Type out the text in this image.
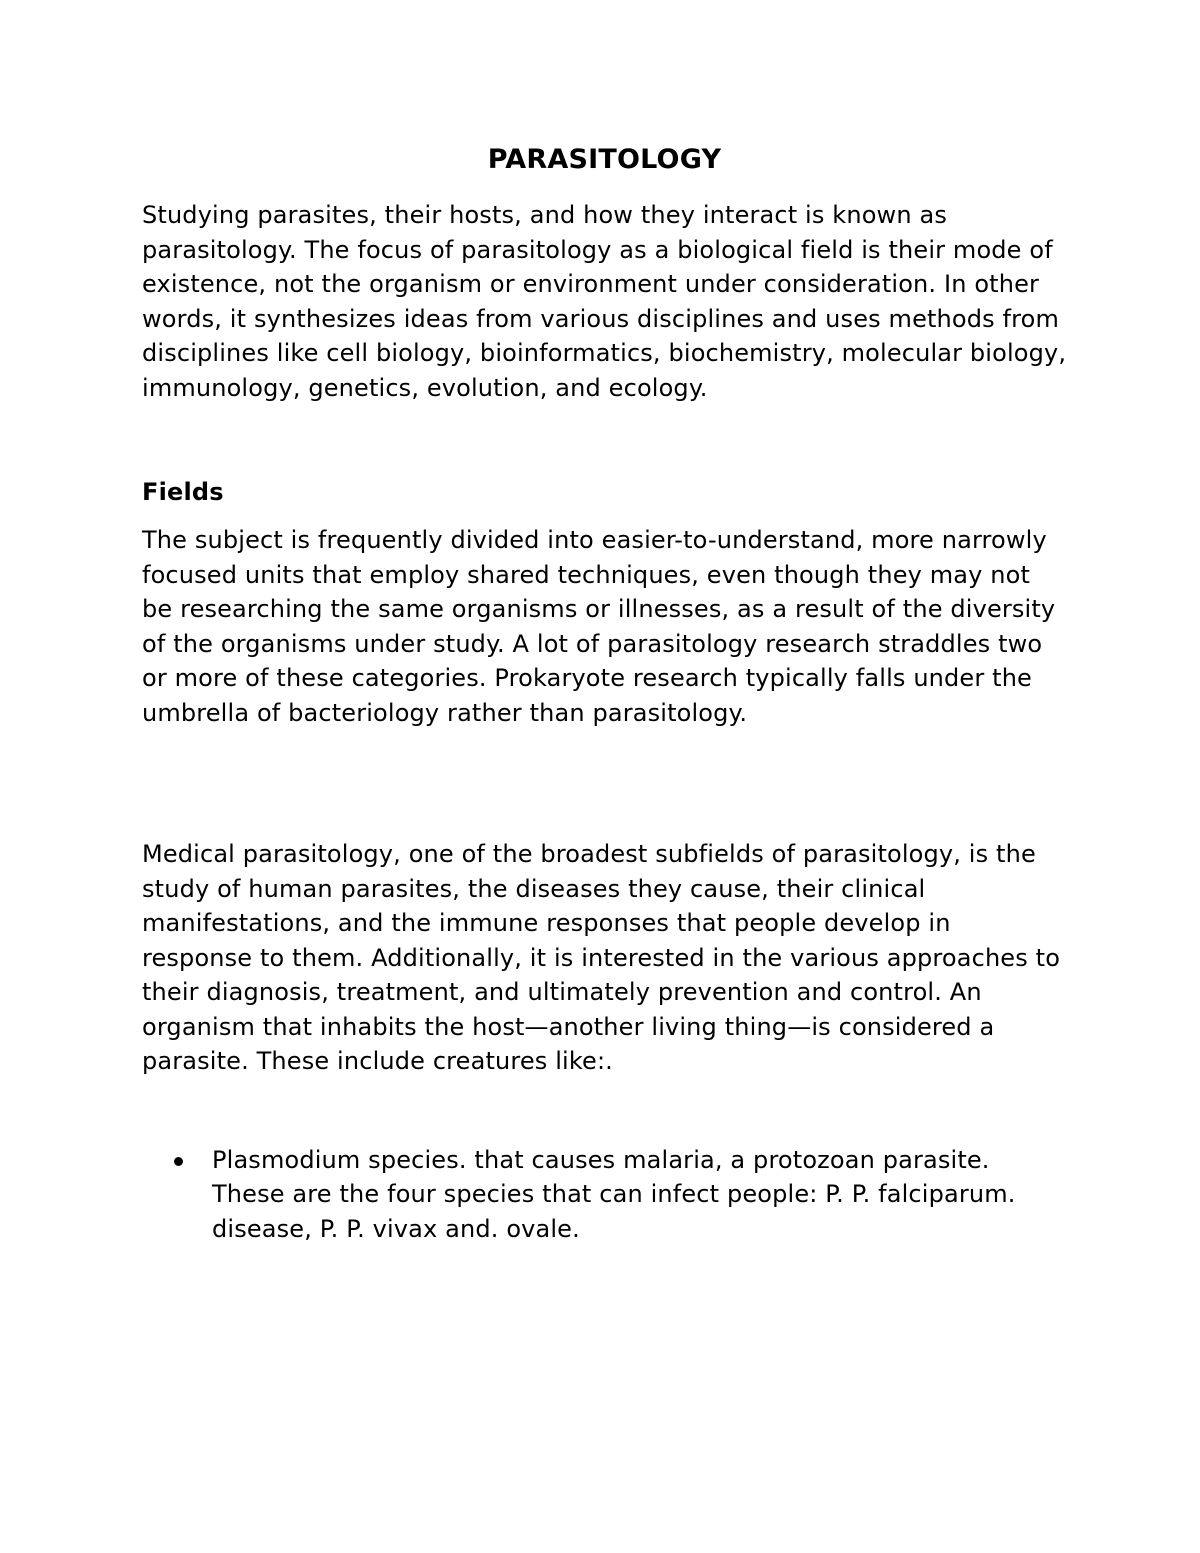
PARASITOLOGY

Studying parasites, their hosts, and how they interact is known as parasitology. The focus of parasitology as a biological field is their mode of existence, not the organism or environment under consideration. In other words, it synthesizes ideas from various disciplines and uses methods from disciplines like cell biology, bioinformatics, biochemistry, molecular biology, immunology, genetics, evolution, and ecology.

Fields

The subject is frequently divided into easier-to-understand, more narrowly focused units that employ shared techniques, even though they may not be researching the same organisms or illnesses, as a result of the diversity of the organisms under study. A lot of parasitology research straddles two or more of these categories. Prokaryote research typically falls under the umbrella of bacteriology rather than parasitology.

Medical parasitology, one of the broadest subfields of parasitology, is the study of human parasites, the diseases they cause, their clinical manifestations, and the immune responses that people develop in response to them. Additionally, it is interested in the various approaches to their diagnosis, treatment, and ultimately prevention and control. An organism that inhabits the host—another living thing—is considered a parasite. These include creatures like:.

Plasmodium species. that causes malaria, a protozoan parasite. These are the four species that can infect people: P. P. falciparum. disease, P. P. vivax and. ovale.
